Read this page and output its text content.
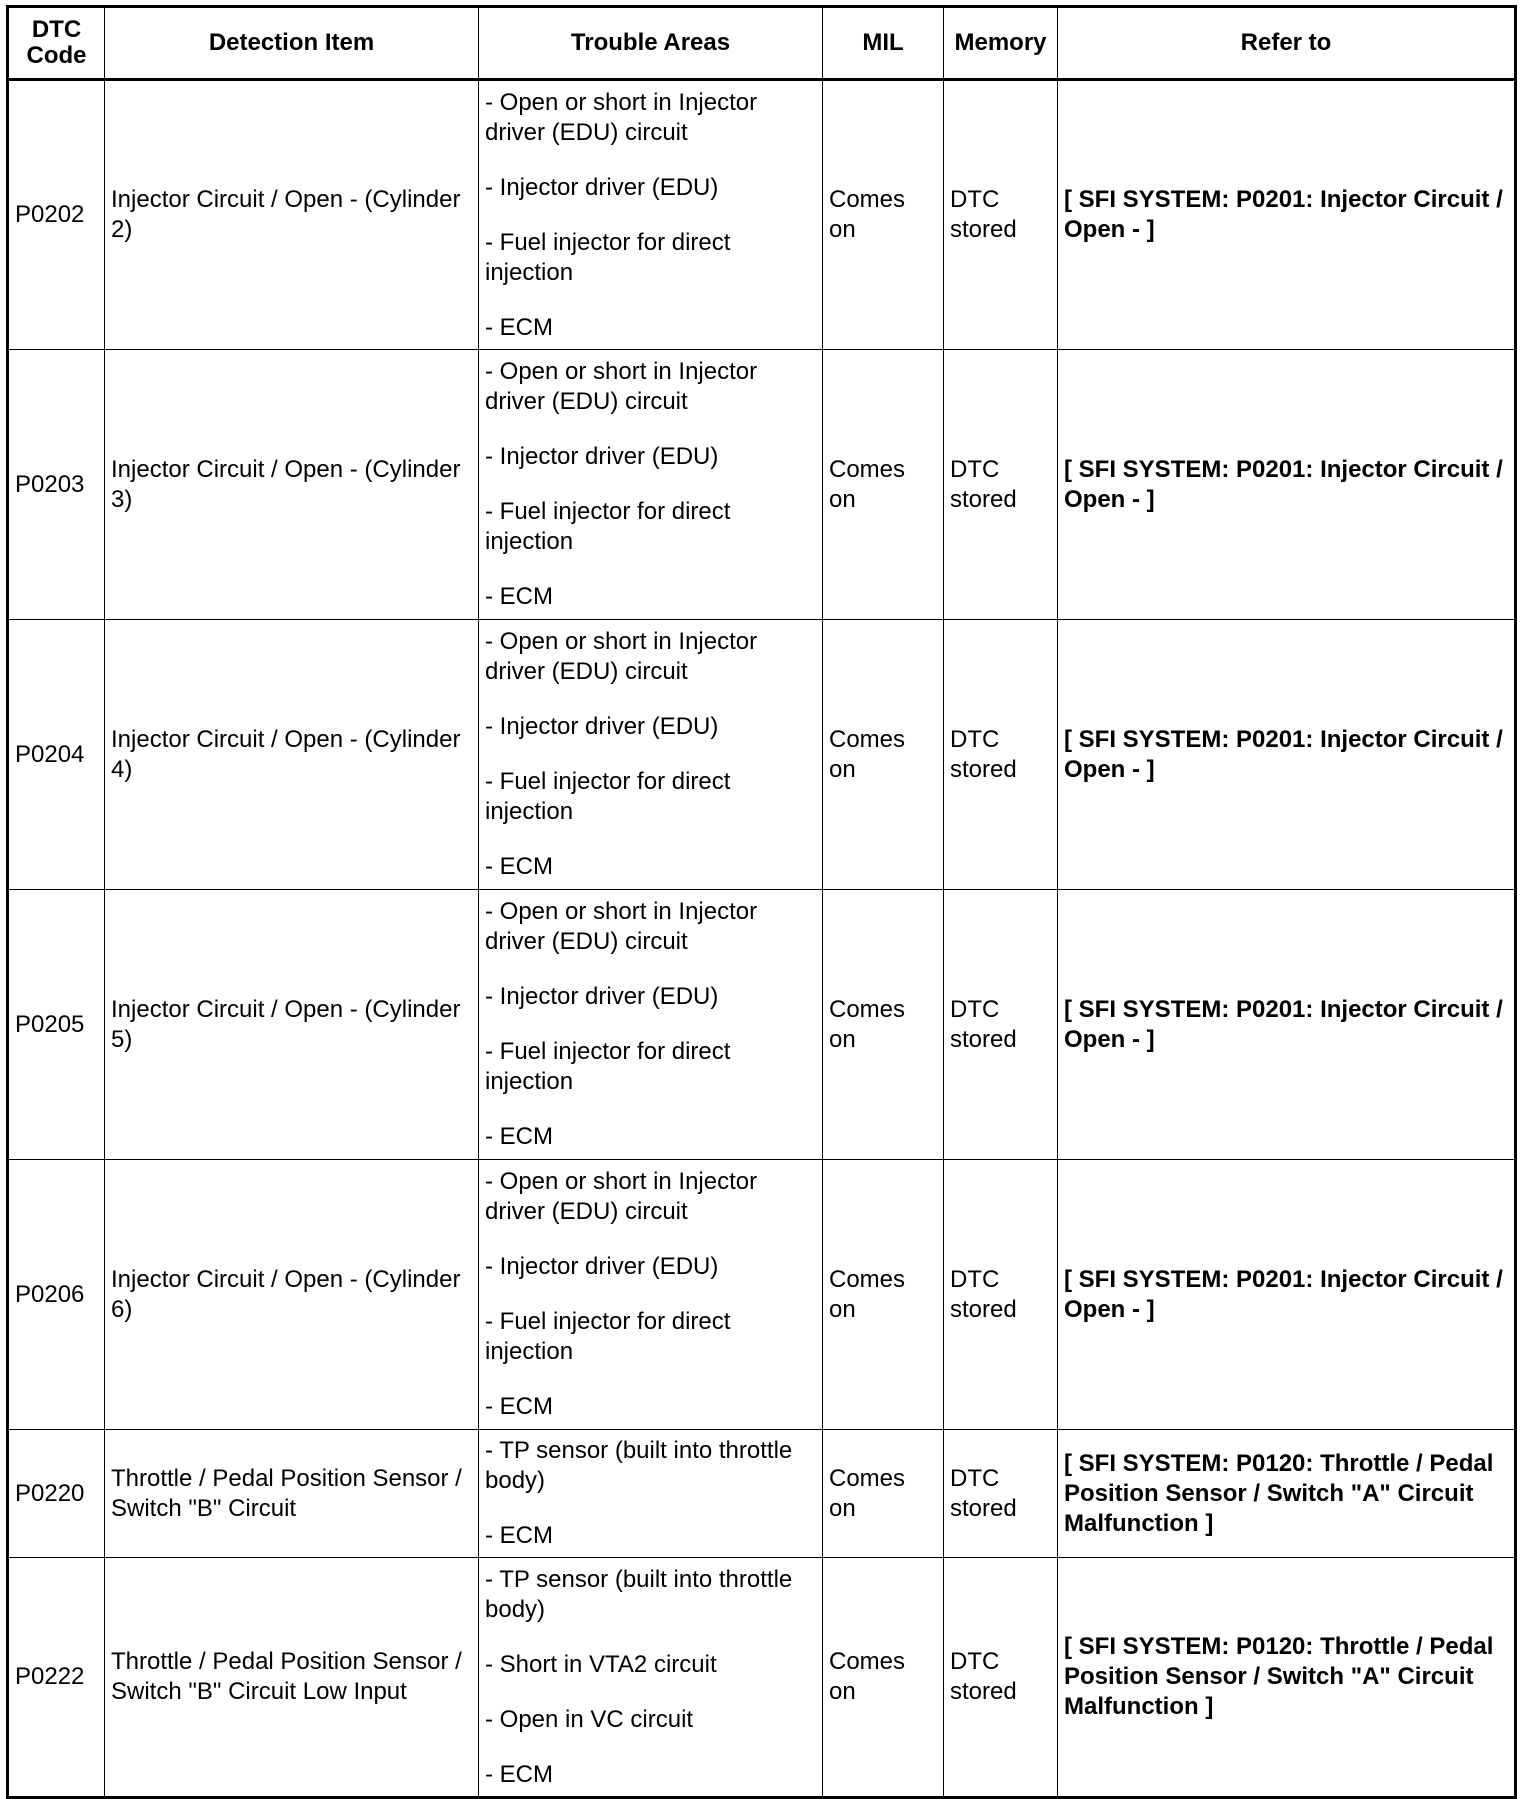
DTC
Code	Detection Item	Trouble Areas	MIL	Memory	Refer to
P0202	Injector Circuit / Open - (Cylinder 2)	- Open or short in Injector driver (EDU) circuit
- Injector driver (EDU)
- Fuel injector for direct injection
- ECM	Comes on	DTC stored	[ SFI SYSTEM: P0201: Injector Circuit / Open - ]
P0203	Injector Circuit / Open - (Cylinder 3)	- Open or short in Injector driver (EDU) circuit
- Injector driver (EDU)
- Fuel injector for direct injection
- ECM	Comes on	DTC stored	[ SFI SYSTEM: P0201: Injector Circuit / Open - ]
P0204	Injector Circuit / Open - (Cylinder 4)	- Open or short in Injector driver (EDU) circuit
- Injector driver (EDU)
- Fuel injector for direct injection
- ECM	Comes on	DTC stored	[ SFI SYSTEM: P0201: Injector Circuit / Open - ]
P0205	Injector Circuit / Open - (Cylinder 5)	- Open or short in Injector driver (EDU) circuit
- Injector driver (EDU)
- Fuel injector for direct injection
- ECM	Comes on	DTC stored	[ SFI SYSTEM: P0201: Injector Circuit / Open - ]
P0206	Injector Circuit / Open - (Cylinder 6)	- Open or short in Injector driver (EDU) circuit
- Injector driver (EDU)
- Fuel injector for direct injection
- ECM	Comes on	DTC stored	[ SFI SYSTEM: P0201: Injector Circuit / Open - ]
P0220	Throttle / Pedal Position Sensor / Switch "B" Circuit	- TP sensor (built into throttle body)
- ECM	Comes on	DTC stored	[ SFI SYSTEM: P0120: Throttle / Pedal Position Sensor / Switch "A" Circuit Malfunction ]
P0222	Throttle / Pedal Position Sensor / Switch "B" Circuit Low Input	- TP sensor (built into throttle body)
- Short in VTA2 circuit
- Open in VC circuit
- ECM	Comes on	DTC stored	[ SFI SYSTEM: P0120: Throttle / Pedal Position Sensor / Switch "A" Circuit Malfunction ]
